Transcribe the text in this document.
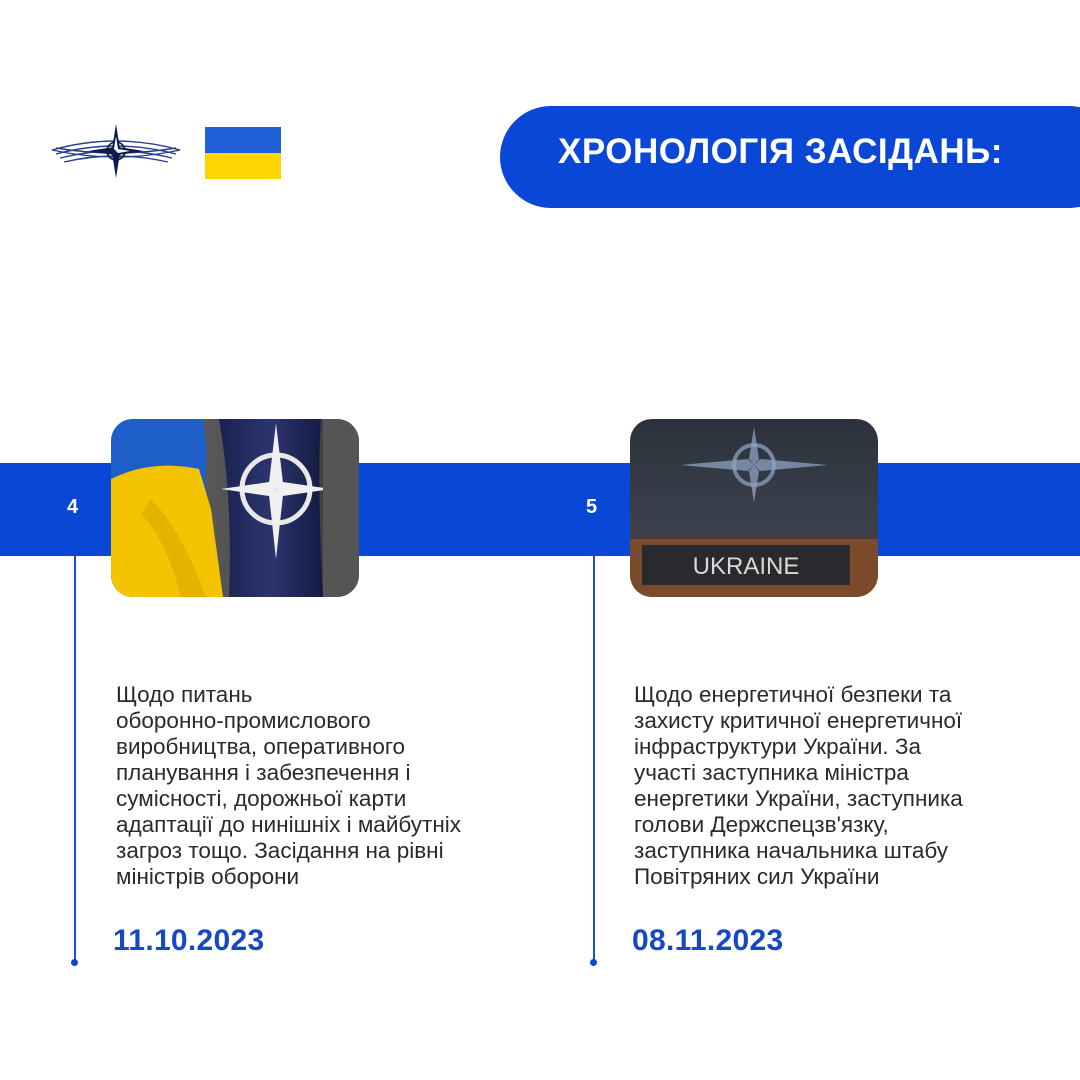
ХРОНОЛОГІЯ ЗАСІДАНЬ:
4
Щодо питань
оборонно-промислового
виробництва, оперативного
планування і забезпечення і
сумісності, дорожньої карти
адаптації до нинішніх і майбутніх
загроз тощо. Засідання на рівні
міністрів оборони
11.10.2023
5
UKRAINE
Щодо енергетичної безпеки та
захисту критичної енергетичної
інфраструктури України. За
участі заступника міністра
енергетики України, заступника
голови Держспецзв'язку,
заступника начальника штабу
Повітряних сил України
08.11.2023
